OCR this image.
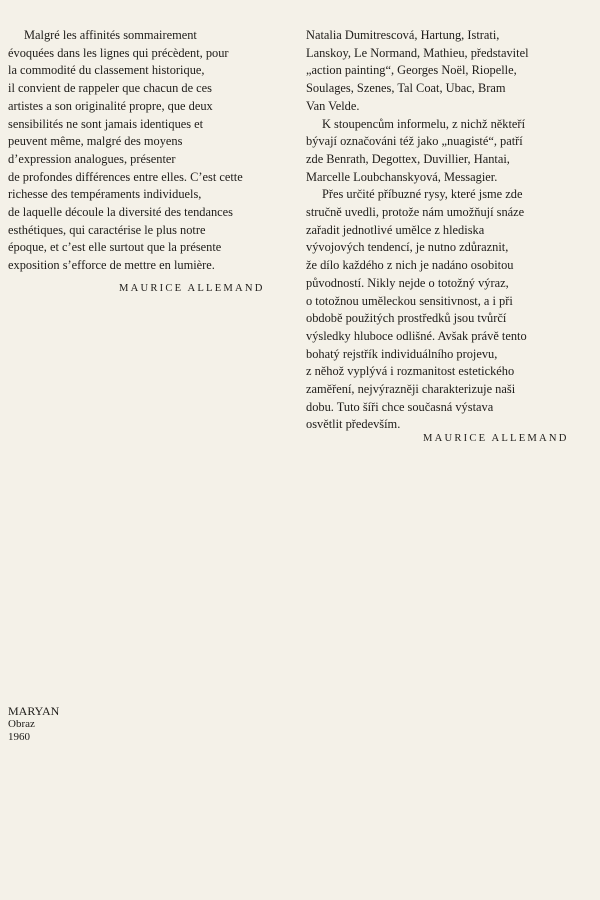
Malgré les affinités sommairement
évoquées dans les lignes qui précèdent, pour
la commodité du classement historique,
il convient de rappeler que chacun de ces
artistes a son originalité propre, que deux
sensibilités ne sont jamais identiques et
peuvent même, malgré des moyens
d’expression analogues, présenter
de profondes différences entre elles. C’est cette
richesse des tempéraments individuels,
de laquelle découle la diversité des tendances
esthétiques, qui caractérise le plus notre
époque, et c’est elle surtout que la présente
exposition s’efforce de mettre en lumière.
MAURICE ALLEMAND
Natalia Dumitrescová, Hartung, Istrati,
Lanskoy, Le Normand, Mathieu, představitel
„action painting“, Georges Noël, Riopelle,
Soulages, Szenes, Tal Coat, Ubac, Bram
Van Velde.
K stoupencům informelu, z nichž někteří
bývají označováni též jako „nuagisté“, patří
zde Benrath, Degottex, Duvillier, Hantai,
Marcelle Loubchanskyová, Messagier.
Přes určité příbuzné rysy, které jsme zde
stručně uvedli, protože nám umožňují snáze
zařadit jednotlivé umělce z hlediska
vývojových tendencí, je nutno zdůraznit,
že dílo každého z nich je nadáno osobitou
původností. Nikly nejde o totožný výraz,
o totožnou uměleckou sensitivnost, a i při
obdobě použitých prostředků jsou tvůrčí
výsledky hluboce odlišné. Avšak právě tento
bohatý rejstřík individuálního projevu,
z něhož vyplývá i rozmanitost estetického
zaměření, nejvýrazněji charakterizuje naši
dobu. Tuto šíři chce současná výstava
osvětlit především.
MAURICE ALLEMAND
MARYAN
Obraz
1960
